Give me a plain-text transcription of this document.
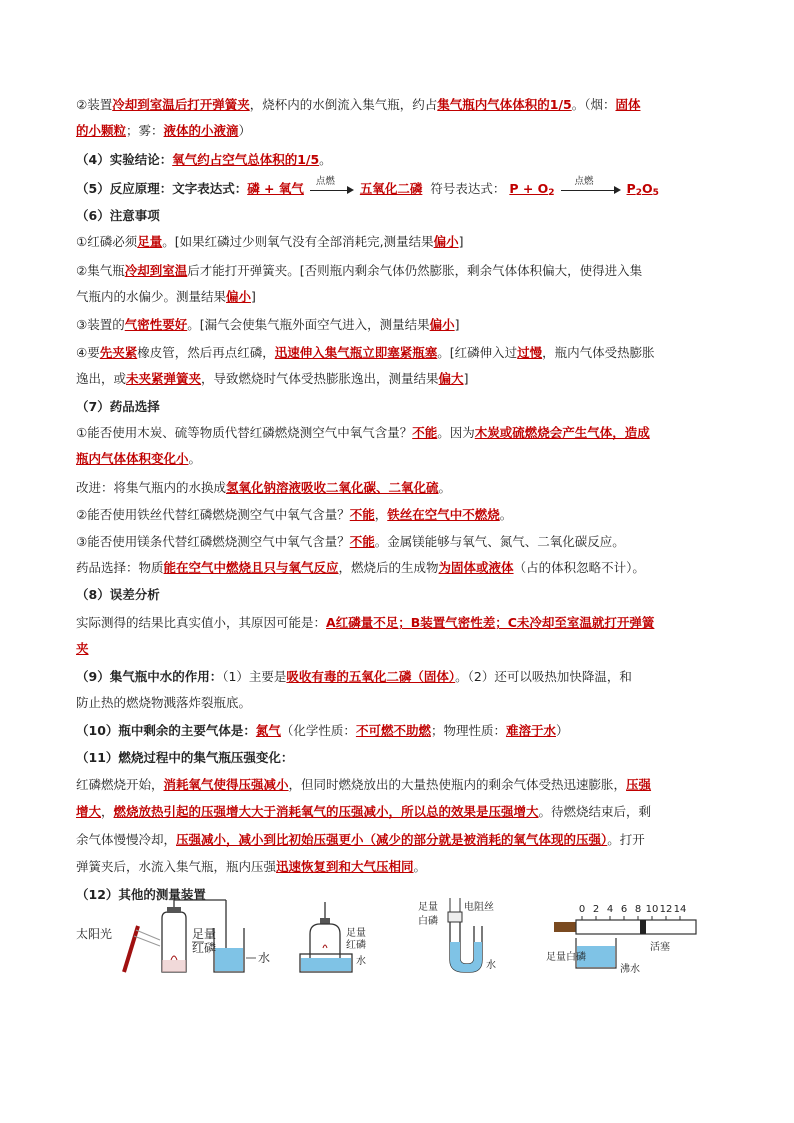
②装置冷却到室温后打开弹簧夹，烧杯内的水倒流入集气瓶，约占集气瓶内气体体积的1/5。（烟：固体
的小颗粒；雾：液体的小液滴）
（4）实验结论：氧气约占空气总体积的1/5。
（5）反应原理：文字表达式：磷 + 氧气 点燃 五氧化二磷 符号表达式： $P + O_2$
点燃	$P_2O_5$
（6）注意事项
①红磷必须足量。[如果红磷过少则氧气没有全部消耗完,测量结果偏小]
②集气瓶冷却到室温后才能打开弹簧夹。[否则瓶内剩余气体仍然膨胀，剩余气体体积偏大，使得进入集
气瓶内的水偏少。测量结果偏小]
③装置的气密性要好。[漏气会使集气瓶外面空气进入，测量结果偏小]
④要先夹紧橡皮管，然后再点红磷，迅速伸入集气瓶立即塞紧瓶塞。[红磷伸入过过慢，瓶内气体受热膨胀
逸出，或未夹紧弹簧夹，导致燃烧时气体受热膨胀逸出，测量结果偏大]
（7）药品选择
①能否使用木炭、硫等物质代替红磷燃烧测空气中氧气含量？不能。因为木炭或硫燃烧会产生气体，造成
瓶内气体体积变化小。
改进：将集气瓶内的水换成氢氧化钠溶液吸收二氧化碳、二氧化硫。
②能否使用铁丝代替红磷燃烧测空气中氧气含量？不能，铁丝在空气中不燃烧。
③能否使用镁条代替红磷燃烧测空气中氧气含量？不能。金属镁能够与氧气、氮气、二氧化碳反应。
药品选择：物质能在空气中燃烧且只与氧气反应，燃烧后的生成物为固体或液体（占的体积忽略不计）。
（8）误差分析
实际测得的结果比真实值小，其原因可能是：A红磷量不足；B装置气密性差；C未冷却至室温就打开弹簧
夹
（9）集气瓶中水的作用：（1）主要是吸收有毒的五氧化二磷（固体）。（2）还可以吸热加快降温，和
防止热的燃烧物溅落炸裂瓶底。
（10）瓶中剩余的主要气体是：氮气（化学性质：不可燃不助燃；物理性质：难溶于水）
（11）燃烧过程中的集气瓶压强变化：
红磷燃烧开始，消耗氧气使得压强减小，但同时燃烧放出的大量热使瓶内的剩余气体受热迅速膨胀，压强
增大，燃烧放热引起的压强增大大于消耗氧气的压强减小，所以总的效果是压强增大。待燃烧结束后，剩
余气体慢慢冷却，压强减小，减小到比初始压强更小（减少的部分就是被消耗的氧气体现的压强）。打开
弹簧夹后，水流入集气瓶，瓶内压强迅速恢复到和大气压相同。
（12）其他的测量装置
太阳光	足量
红磷
水
足量
红磷
水
足量
白磷
电阻丝
水
0 2 4 6 8 10 12 14
足量白磷
沸水
活塞
